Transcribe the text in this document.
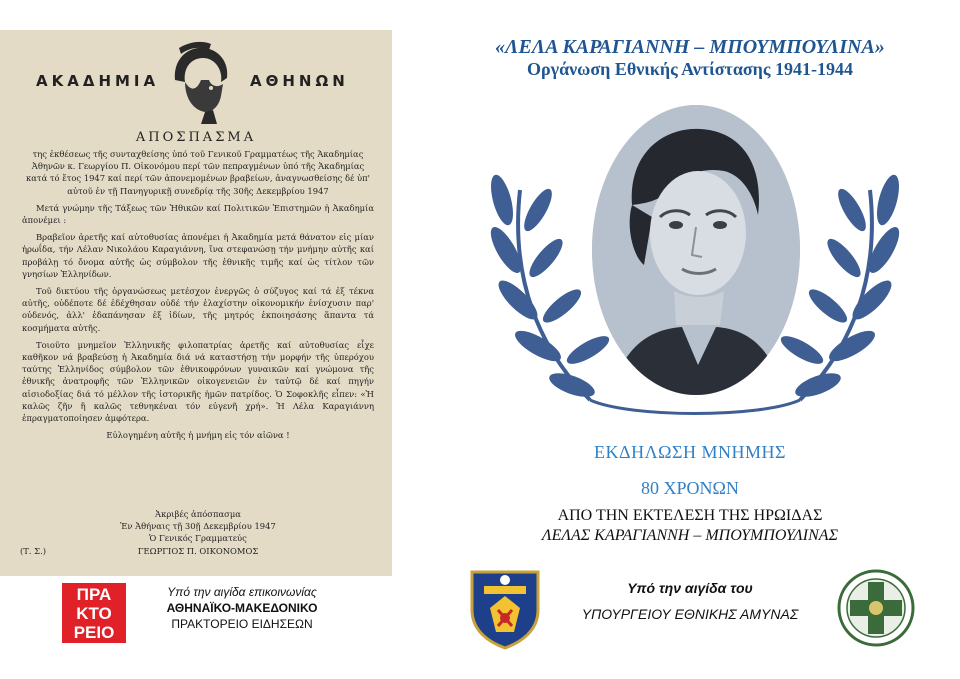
ΑΚΑΔΗΜΙΑ	ΑΘΗΝΩΝ
ΑΠΟΣΠΑΣΜΑ

της ἐκθέσεως τῆς συνταχθείσης ὑπό τοῦ Γενικοῦ Γραμματέως τῆς Ἀκαδημίας Ἀθηνῶν κ. Γεωργίου Π. Οἰκονόμου περί τῶν πεπραγμένων ὑπό τῆς Ἀκαδημίας κατά τό ἔτος 1947 καί περί τῶν ἀπονεμομένων βραβείων, ἀναγνωσθείσης δέ ὑπ' αὐτοῦ ἐν τῇ Πανηγυρικῇ συνεδρίᾳ τῆς 30ῆς Δεκεμβρίου 1947

Μετά γνώμην τῆς Τάξεως τῶν Ἠθικῶν καί Πολιτικῶν Ἐπιστημῶν ἡ Ἀκαδημία ἀπονέμει :

Βραβεῖον ἀρετῆς καί αὐτοθυσίας ἀπονέμει ἡ Ἀκαδημία μετά θάνατον εἰς μίαν ἡρωΐδα, τήν Λέλαν Νικολάου Καραγιάννη, ἵνα στεφανώσῃ τήν μνήμην αὐτῆς καί προβάλῃ τό ὄνομα αὐτῆς ὡς σύμβολον τῆς ἐθνικῆς τιμῆς καί ὡς τίτλον τῶν γνησίων Ἑλληνίδων.

Τοῦ δικτύου τῆς ὀργανώσεως μετέσχον ἐνεργῶς ὁ σύζυγος καί τά ἐξ τέκνα αὐτῆς, οὐδέποτε δέ ἐδέχθησαν οὐδέ τήν ἐλαχίστην οἰκονομικήν ἐνίσχυσιν παρ' οὐδενός, ἀλλ' ἐδαπάνησαν ἐξ ἰδίων, τῆς μητρός ἐκποιησάσης ἅπαντα τά κοσμήματα αὐτῆς.

Τοιοῦτο μνημεῖον Ἑλληνικῆς φιλοπατρίας ἀρετῆς καί αὐτοθυσίας εἶχε καθῆκον νά βραβεύσῃ ἡ Ἀκαδημία διά νά καταστήσῃ τήν μορφήν τῆς ὑπερόχου ταύτης Ἑλληνίδος σύμβολον τῶν ἐθνικοφρόνων γυναικῶν καί γνώμονα τῆς ἐθνικῆς ἀνατροφῆς τῶν Ἑλληνικῶν οἰκογενειῶν ἐν ταὐτῷ δέ καί πηγήν αἰσιοδοξίας διά τό μέλλον τῆς ἱστορικῆς ἡμῶν πατρίδος. Ὁ Σοφοκλῆς εἶπεν: «Ἡ καλῶς ζῆν ἢ καλῶς τεθνηκέναι τόν εὐγενῆ χρή». Ἡ Λέλα Καραγιάννη ἐπραγματοποίησεν ἀμφότερα.

Εὐλογημένη αὐτῆς ἡ μνήμη εἰς τόν αἰῶνα !

Ἀκριβές ἀπόσπασμα
Ἐν Ἀθήναις τῇ 30ῇ Δεκεμβρίου 1947
Ὁ Γενικός Γραμματεύς
ΓΕΩΡΓΙΟΣ Π. ΟΙΚΟΝΟΜΟΣ
(Τ. Σ.)
«ΛΕΛΑ ΚΑΡΑΓΙΑΝΝΗ – ΜΠΟΥΜΠΟΥΛΙΝΑ»
Οργάνωση Εθνικής Αντίστασης 1941-1944
ΕΚΔΗΛΩΣΗ ΜΝΗΜΗΣ
80 ΧΡΟΝΩΝ
ΑΠΟ ΤΗΝ ΕΚΤΕΛΕΣΗ ΤΗΣ ΗΡΩΙΔΑΣ
ΛΕΛΑΣ ΚΑΡΑΓΙΑΝΝΗ – ΜΠΟΥΜΠΟΥΛΙΝΑΣ
ΠΡΑ
ΚΤΟ
ΡΕΙΟ
Υπό την αιγίδα επικοινωνίας
ΑΘΗΝΑΪΚΟ-ΜΑΚΕΔΟΝΙΚΟ
ΠΡΑΚΤΟΡΕΙΟ ΕΙΔΗΣΕΩΝ
Υπό την αιγίδα του
ΥΠΟΥΡΓΕΙΟΥ ΕΘΝΙΚΗΣ ΑΜΥΝΑΣ
